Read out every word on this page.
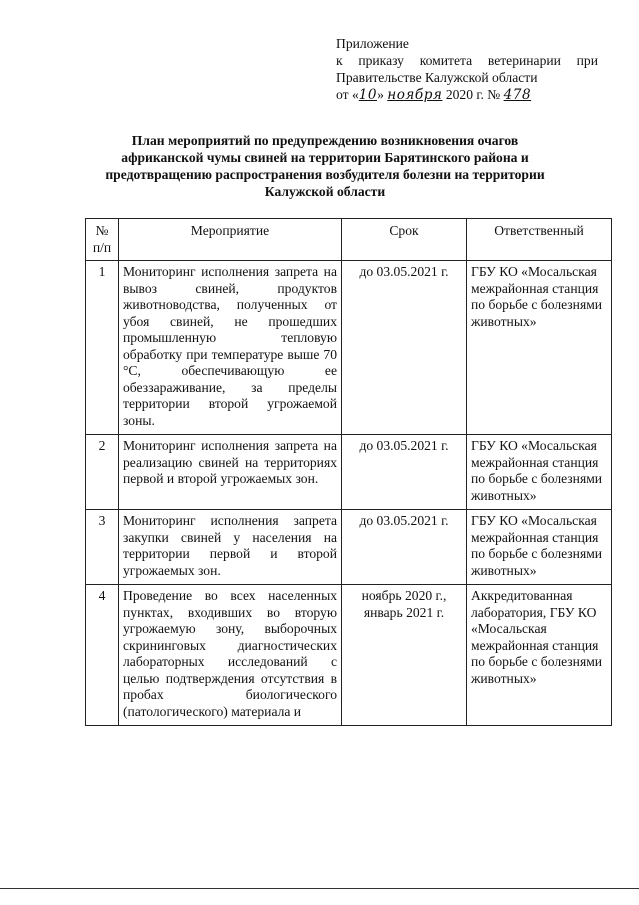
Приложение
к приказу комитета ветеринарии при
Правительстве Калужской области
от «10» ноября 2020 г. № 478
План мероприятий по предупреждению возникновения очагов африканской чумы свиней на территории Барятинского района и предотвращению распространения возбудителя болезни на территории Калужской области
№ п/п	Мероприятие	Срок	Ответственный
1	Мониторинг исполнения запрета на вывоз свиней, продуктов животноводства, полученных от убоя свиней, не прошедших промышленную тепловую обработку при температуре выше 70 °С, обеспечивающую ее обеззараживание, за пределы территории второй угрожаемой зоны.	до 03.05.2021 г.	ГБУ КО «Мосальская межрайонная станция по борьбе с болезнями животных»
2	Мониторинг исполнения запрета на реализацию свиней на территориях первой и второй угрожаемых зон.	до 03.05.2021 г.	ГБУ КО «Мосальская межрайонная станция по борьбе с болезнями животных»
3	Мониторинг исполнения запрета закупки свиней у населения на территории первой и второй угрожаемых зон.	до 03.05.2021 г.	ГБУ КО «Мосальская межрайонная станция по борьбе с болезнями животных»
4	Проведение во всех населенных пунктах, входивших во вторую угрожаемую зону, выборочных скрининговых диагностических лабораторных исследований с целью подтверждения отсутствия в пробах биологического (патологического) материала и	ноябрь 2020 г., январь 2021 г.	Аккредитованная лаборатория, ГБУ КО «Мосальская межрайонная станция по борьбе с болезнями животных»
